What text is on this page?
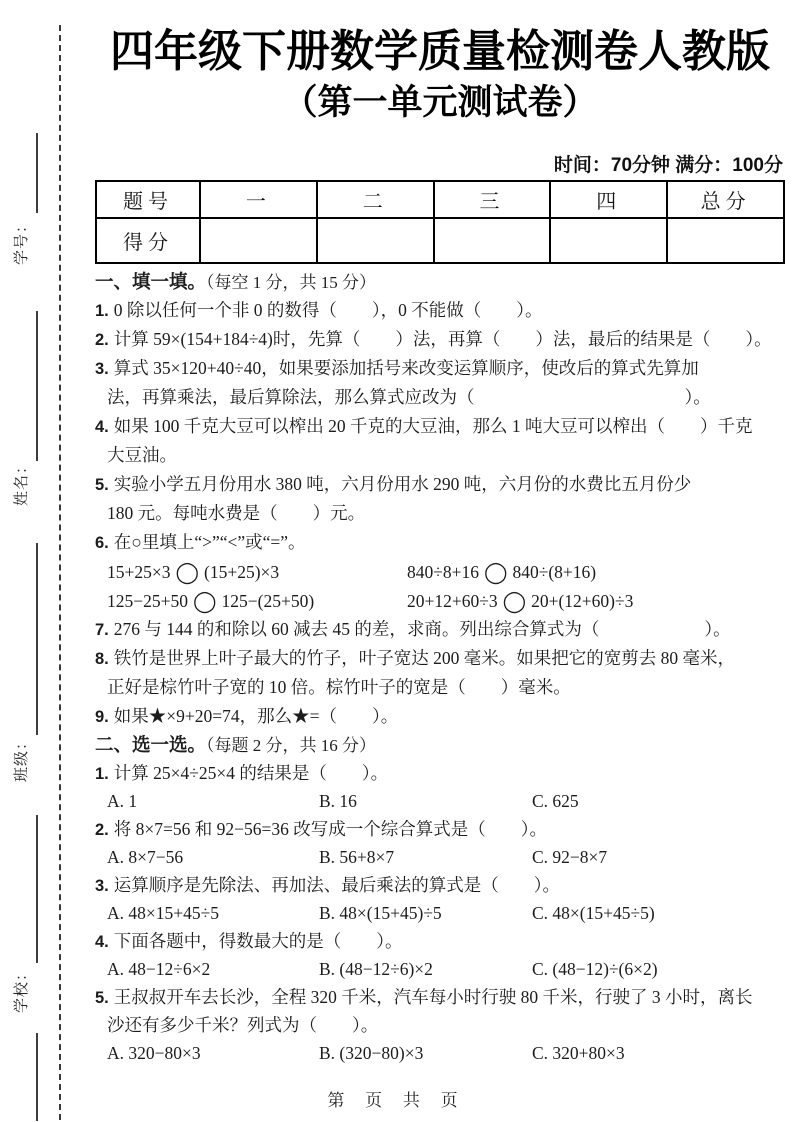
学号：
姓名：
班级：
学校：
四年级下册数学质量检测卷人教版
（第一单元测试卷）
时间：70分钟 满分：100分
题号	一	二	三	四	总分
得分					
一、填一填。（每空 1 分，共 15 分）
1. 0 除以任何一个非 0 的数得（　　），0 不能做（　　）。
2. 计算 59×(154+184÷4)时，先算（　　）法，再算（　　）法，最后的结果是（　　）。
3. 算式 35×120+40÷40，如果要添加括号来改变运算顺序，使改后的算式先算加
法，再算乘法，最后算除法，那么算式应改为（　　　　　　　　　　　　）。
4. 如果 100 千克大豆可以榨出 20 千克的大豆油，那么 1 吨大豆可以榨出（　　）千克
大豆油。
5. 实验小学五月份用水 380 吨，六月份用水 290 吨，六月份的水费比五月份少
180 元。每吨水费是（　　）元。
6. 在○里填上“>”“<”或“=”。
15+25×3 ◯ (15+25)×3	840÷8+16 ◯ 840÷(8+16)
125−25+50 ◯ 125−(25+50)	20+12+60÷3 ◯ 20+(12+60)÷3
7. 276 与 144 的和除以 60 减去 45 的差，求商。列出综合算式为（　　　　　　）。
8. 铁竹是世界上叶子最大的竹子，叶子宽达 200 毫米。如果把它的宽剪去 80 毫米，
正好是棕竹叶子宽的 10 倍。棕竹叶子的宽是（　　）毫米。
9. 如果★×9+20=74，那么★=（　　）。
二、选一选。（每题 2 分，共 16 分）
1. 计算 25×4÷25×4 的结果是（　　）。
A. 1	B. 16	C. 625
2. 将 8×7=56 和 92−56=36 改写成一个综合算式是（　　）。
A. 8×7−56	B. 56+8×7	C. 92−8×7
3. 运算顺序是先除法、再加法、最后乘法的算式是（　　）。
A. 48×15+45÷5	B. 48×(15+45)÷5	C. 48×(15+45÷5)
4. 下面各题中，得数最大的是（　　）。
A. 48−12÷6×2	B. (48−12÷6)×2	C. (48−12)÷(6×2)
5. 王叔叔开车去长沙，全程 320 千米，汽车每小时行驶 80 千米，行驶了 3 小时，离长
沙还有多少千米？列式为（　　）。
A. 320−80×3	B. (320−80)×3	C. 320+80×3
第 页 共 页
